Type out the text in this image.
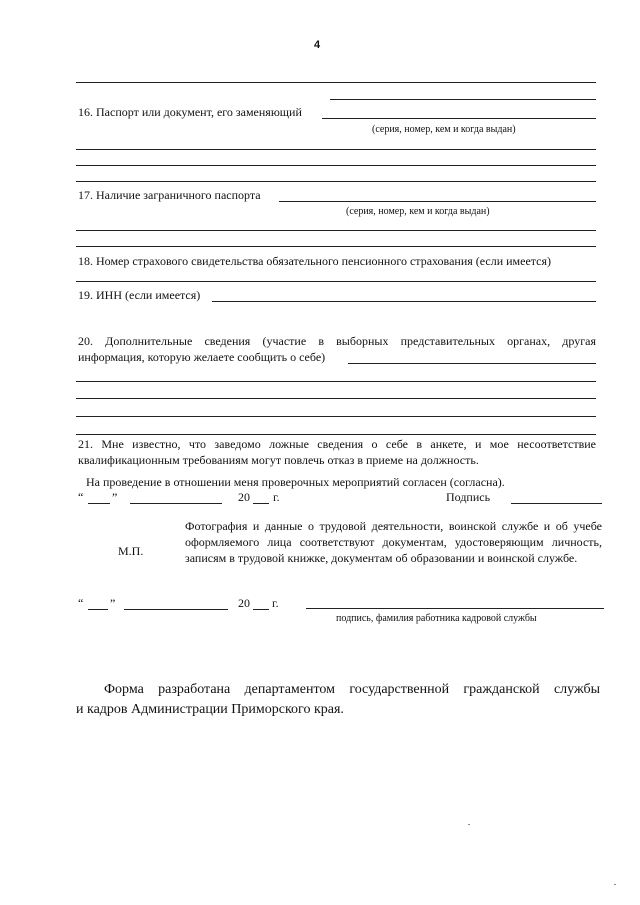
4
16. Паспорт или документ, его заменяющий
(серия, номер, кем и когда выдан)
17. Наличие заграничного паспорта
(серия, номер, кем и когда выдан)
18. Номер страхового свидетельства обязательного пенсионного страхования (если имеется)
19. ИНН (если имеется)
20. Дополнительные сведения (участие в выборных представительных органах, другая
информация, которую желаете сообщить о себе)
21. Мне известно, что заведомо ложные сведения о себе в анкете, и мое несоответствие
квалификационным требованиям могут повлечь отказ в приеме на должность.
На проведение в отношении меня проверочных мероприятий согласен (согласна).
“ ”	20 г.	Подпись
М.П.
Фотография и данные о трудовой деятельности, воинской службе и об учебе оформляемого лица соответствуют документам, удостоверяющим личность, записям в трудовой книжке, документам об образовании и воинской службе.
“ ”	20 г.
подпись, фамилия работника кадровой службы
Форма разработана департаментом государственной гражданской службы
и кадров Администрации Приморского края.
